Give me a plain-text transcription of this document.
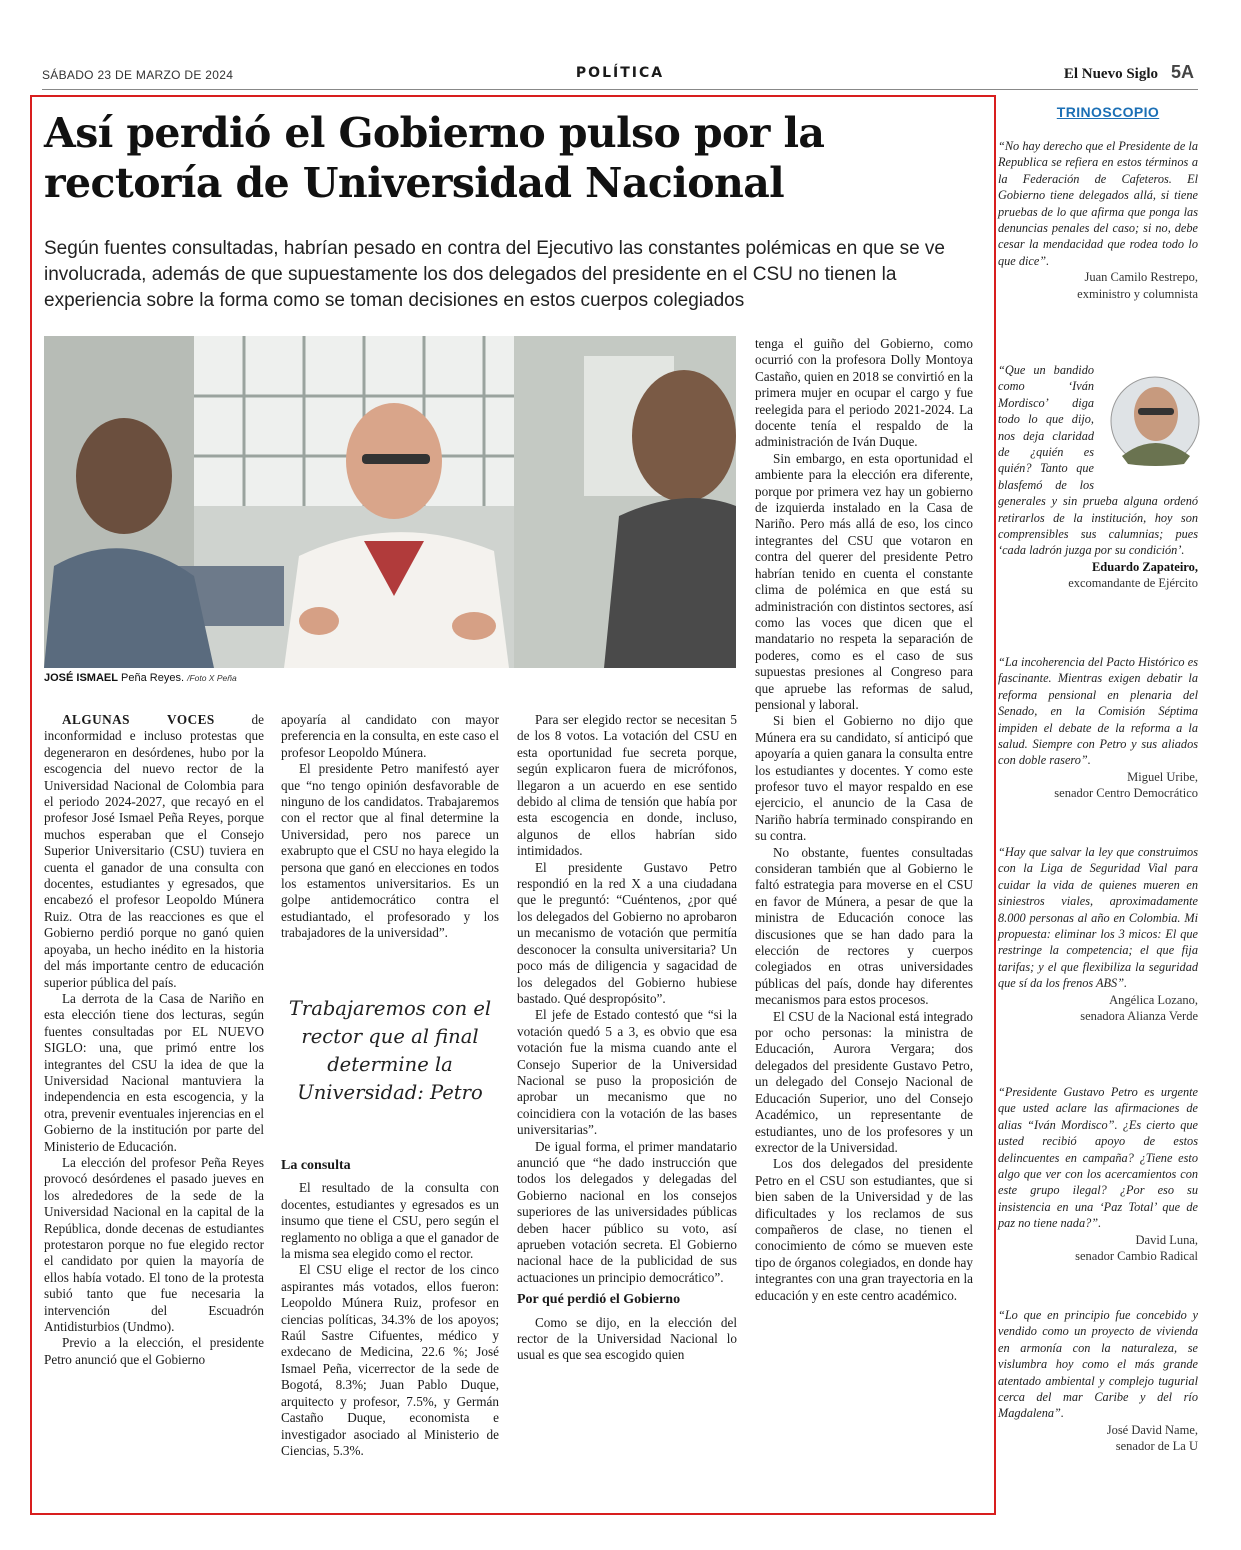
SÁBADO 23 DE MARZO DE 2024	POLÍTICA	El Nuevo Siglo 5A
Así perdió el Gobierno pulso por la
rectoría de Universidad Nacional

Según fuentes consultadas, habrían pesado en contra del Ejecutivo las constantes polémicas en que se ve involucrada, además de que supuestamente los dos delegados del presidente en el CSU no tienen la experiencia sobre la forma como se toman decisiones en estos cuerpos colegiados

JOSÉ ISMAEL Peña Reyes. /Foto X Peña

ALGUNAS VOCES	de inconformidad e incluso protestas que degeneraron en desórdenes, hubo por la escogencia del nuevo rector de la Universidad Nacional de Colombia para el periodo 2024-2027, que recayó en el profesor José Ismael Peña Reyes, porque muchos esperaban que el Consejo Superior Universitario (CSU) tuviera en cuenta el ganador de una consulta con docentes, estudiantes y egresados, que encabezó el profesor Leopoldo Múnera Ruiz. Otra de las reacciones es que el Gobierno perdió porque no ganó quien apoyaba, un hecho inédito en la historia del más importante centro de educación superior pública del país.

La derrota de la Casa de Nariño en esta elección tiene dos lecturas, según fuentes consultadas por EL NUEVO SIGLO: una, que primó entre los integrantes del CSU la idea de que la Universidad Nacional mantuviera la independencia en esta escogencia, y la otra, prevenir eventuales injerencias en el Gobierno de la institución por parte del Ministerio de Educación.

La elección del profesor Peña Reyes provocó desórdenes el pasado jueves en los alrededores de la sede de la Universidad Nacional en la capital de la República, donde decenas de estudiantes protestaron porque no fue elegido rector el candidato por quien la mayoría de ellos había votado. El tono de la protesta subió tanto que fue necesaria la intervención del Escuadrón Antidisturbios (Undmo).

Previo a la elección, el presidente Petro anunció que el Gobierno

apoyaría al candidato con mayor preferencia en la consulta, en este caso el profesor Leopoldo Múnera.

El presidente Petro manifestó ayer que “no tengo opinión desfavorable de ninguno de los candidatos. Trabajaremos con el rector que al final determine la Universidad, pero nos parece un exabrupto que el CSU no haya elegido la persona que ganó en elecciones en todos los estamentos universitarios. Es un golpe antidemocrático contra el estudiantado, el profesorado y los trabajadores de la universidad”.

Trabajaremos con el rector que al final determine la Universidad: Petro
La consulta

El resultado de la consulta con docentes, estudiantes y egresados es un insumo que tiene el CSU, pero según el reglamento no obliga a que el ganador de la misma sea elegido como el rector.

El CSU elige el rector de los cinco aspirantes más votados, ellos fueron: Leopoldo Múnera Ruiz, profesor en ciencias políticas, 34.3% de los apoyos; Raúl Sastre Cifuentes, médico y exdecano de Medicina, 22.6 %; José Ismael Peña, vicerrector de la sede de Bogotá, 8.3%; Juan Pablo Duque, arquitecto y profesor, 7.5%, y Germán Castaño Duque, economista e investigador asociado al Ministerio de Ciencias, 5.3%.

Para ser elegido rector se necesitan 5 de los 8 votos. La votación del CSU en esta oportunidad fue secreta porque, según explicaron fuera de micrófonos, llegaron a un acuerdo en ese sentido debido al clima de tensión que había por esta escogencia en donde, incluso, algunos de ellos habrían sido intimidados.

El presidente Gustavo Petro respondió en la red X a una ciudadana que le preguntó: “Cuéntenos, ¿por qué los delegados del Gobierno no aprobaron un mecanismo de votación que permitía desconocer la consulta universitaria? Un poco más de diligencia y sagacidad de los delegados del Gobierno hubiese bastado. Qué despropósito”.

El jefe de Estado contestó que “si la votación quedó 5 a 3, es obvio que esa votación fue la misma cuando ante el Consejo Superior de la Universidad Nacional se puso la proposición de aprobar un mecanismo que no coincidiera con la votación de las bases universitarias”.

De igual forma, el primer mandatario anunció que “he dado instrucción que todos los delegados y delegadas del Gobierno nacional en los consejos superiores de las universidades públicas deben hacer público su voto, así aprueben votación secreta. El Gobierno nacional hace de la publicidad de sus actuaciones un principio democrático”.

Por qué perdió el Gobierno

Como se dijo, en la elección del rector de la Universidad Nacional lo usual es que sea escogido quien

tenga el guiño del Gobierno, como ocurrió con la profesora Dolly Montoya Castaño, quien en 2018 se convirtió en la primera mujer en ocupar el cargo y fue reelegida para el periodo 2021-2024. La docente tenía el respaldo de la administración de Iván Duque.

Sin embargo, en esta oportunidad el ambiente para la elección era diferente, porque por primera vez hay un gobierno de izquierda instalado en la Casa de Nariño. Pero más allá de eso, los cinco integrantes del CSU que votaron en contra del querer del presidente Petro habrían tenido en cuenta el constante clima de polémica en que está su administración con distintos sectores, así como las voces que dicen que el mandatario no respeta la separación de poderes, como es el caso de sus supuestas presiones al Congreso para que apruebe las reformas de salud, pensional y laboral.

Si bien el Gobierno no dijo que Múnera era su candidato, sí anticipó que apoyaría a quien ganara la consulta entre los estudiantes y docentes. Y como este profesor tuvo el mayor respaldo en ese ejercicio, el anuncio de la Casa de Nariño habría terminado conspirando en su contra.

No obstante, fuentes consultadas consideran también que al Gobierno le faltó estrategia para moverse en el CSU en favor de Múnera, a pesar de que la ministra de Educación conoce las discusiones que se han dado para la elección de rectores y cuerpos colegiados en otras universidades públicas del país, donde hay diferentes mecanismos para estos procesos.

El CSU de la Nacional está integrado por ocho personas: la ministra de Educación, Aurora Vergara; dos delegados del presidente Gustavo Petro, un delegado del Consejo Nacional de Educación Superior, uno del Consejo Académico, un representante de estudiantes, uno de los profesores y un exrector de la Universidad.

Los dos delegados del presidente Petro en el CSU son estudiantes, que si bien saben de la Universidad y de las dificultades y los reclamos de sus compañeros de clase, no tienen el conocimiento de cómo se mueven este tipo de órganos colegiados, en donde hay integrantes con una gran trayectoria en la educación y en este centro académico.

TRINOSCOPIO

“No hay derecho que el Presidente de la Republica se refiera en estos términos a la Federación de Cafeteros. El Gobierno tiene delegados allá, si tiene pruebas de lo que afirma que ponga las denuncias penales del caso; si no, debe cesar la mendacidad que rodea todo lo que dice”.

Juan Camilo Restrepo,

exministro y columnista

“Que un bandido como ‘Iván Mordisco’ diga todo lo que dijo, nos deja claridad de ¿quién es quién? Tanto que blasfemó de los generales y sin prueba alguna ordenó retirarlos de la institución, hoy son comprensibles sus calumnias; pues ‘cada ladrón juzga por su condición’.

Eduardo Zapateiro,

excomandante de Ejército

“La incoherencia del Pacto Histórico es fascinante. Mientras exigen debatir la reforma pensional en plenaria del Senado, en la Comisión Séptima impiden el debate de la reforma a la salud. Siempre con Petro y sus aliados con doble rasero”.

Miguel Uribe,

senador Centro Democrático

“Hay que salvar la ley que construimos con la Liga de Seguridad Vial para cuidar la vida de quienes mueren en siniestros viales, aproximadamente 8.000 personas al año en Colombia. Mi propuesta: eliminar los 3 micos: El que restringe la competencia; el que fija tarifas; y el que flexibiliza la seguridad que sí da los frenos ABS”.

Angélica Lozano,

senadora Alianza Verde

“Presidente Gustavo Petro es urgente que usted aclare las afirmaciones de alias “Iván Mordisco”. ¿Es cierto que usted recibió apoyo de estos delincuentes en campaña? ¿Tiene esto algo que ver con los acercamientos con este grupo ilegal? ¿Por eso su insistencia en una ‘Paz Total’ que de paz no tiene nada?”.

David Luna,

senador Cambio Radical

“Lo que en principio fue concebido y vendido como un proyecto de vivienda en armonía con la naturaleza, se vislumbra hoy como el más grande atentado ambiental y complejo tugurial cerca del mar Caribe y del río Magdalena”.

José David Name,

senador de La U
